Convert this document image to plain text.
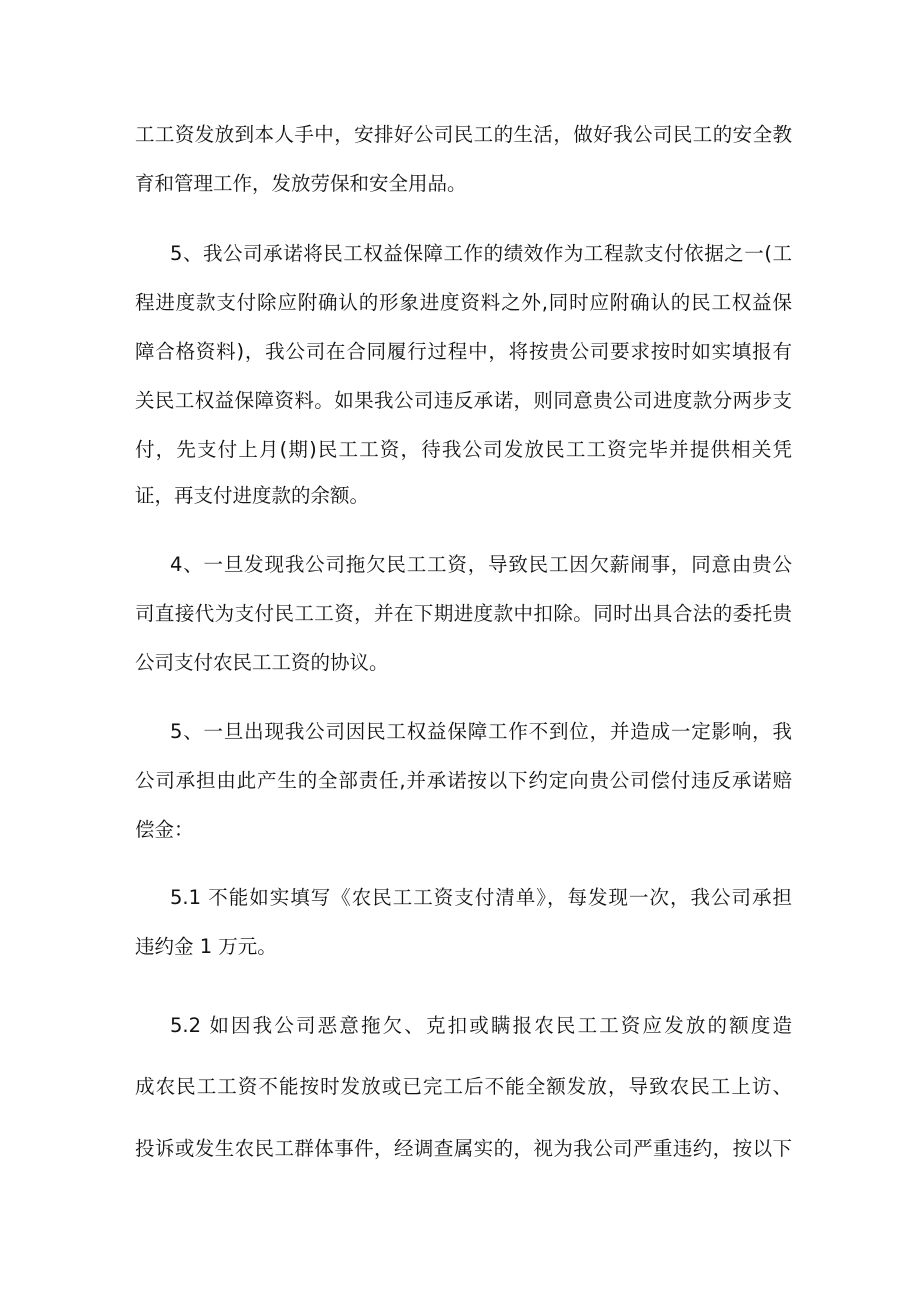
工工资发放到本人手中，安排好公司民工的生活，做好我公司民工的安全教
育和管理工作，发放劳保和安全用品。
5、我公司承诺将民工权益保障工作的绩效作为工程款支付依据之一(工
程进度款支付除应附确认的形象进度资料之外,同时应附确认的民工权益保
障合格资料)，我公司在合同履行过程中，将按贵公司要求按时如实填报有
关民工权益保障资料。如果我公司违反承诺，则同意贵公司进度款分两步支
付，先支付上月(期)民工工资，待我公司发放民工工资完毕并提供相关凭
证，再支付进度款的余额。
4、一旦发现我公司拖欠民工工资，导致民工因欠薪闹事，同意由贵公
司直接代为支付民工工资，并在下期进度款中扣除。同时出具合法的委托贵
公司支付农民工工资的协议。
5、一旦出现我公司因民工权益保障工作不到位，并造成一定影响，我
公司承担由此产生的全部责任,并承诺按以下约定向贵公司偿付违反承诺赔
偿金：
5.1 不能如实填写《农民工工资支付清单》，每发现一次，我公司承担
违约金 1 万元。
5.2 如因我公司恶意拖欠、克扣或瞒报农民工工资应发放的额度造
成农民工工资不能按时发放或已完工后不能全额发放，导致农民工上访、
投诉或发生农民工群体事件，经调查属实的，视为我公司严重违约，按以下
